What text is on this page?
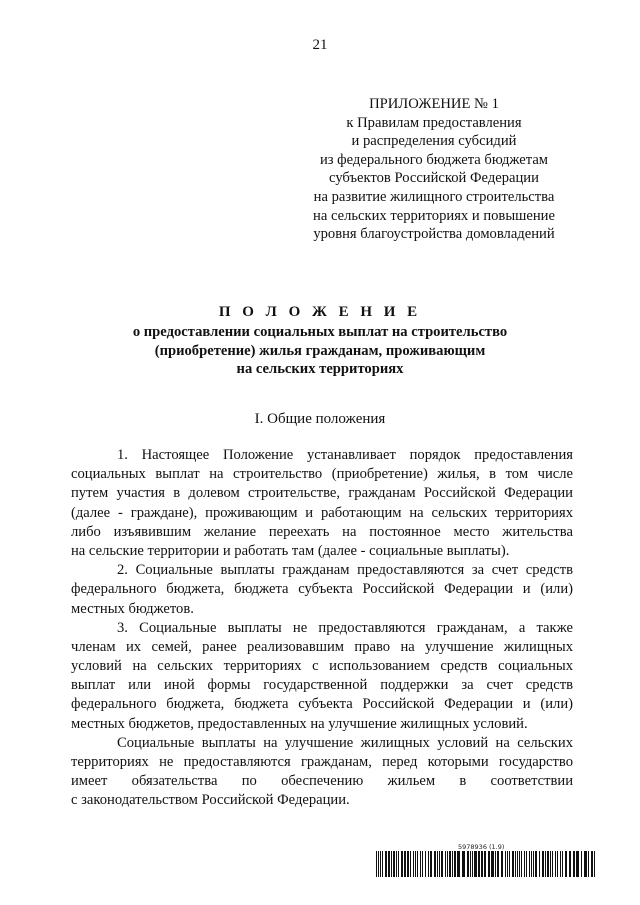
21
ПРИЛОЖЕНИЕ № 1
к Правилам предоставления
и распределения субсидий
из федерального бюджета бюджетам
субъектов Российской Федерации
на развитие жилищного строительства
на сельских территориях и повышение
уровня благоустройства домовладений
П О Л О Ж Е Н И Е
о предоставлении социальных выплат на строительство
(приобретение) жилья гражданам, проживающим
на сельских территориях
I. Общие положения
1. Настоящее Положение устанавливает порядок предоставления
социальных выплат на строительство (приобретение) жилья, в том числе
путем участия в долевом строительстве, гражданам Российской Федерации
(далее - граждане), проживающим и работающим на сельских территориях
либо изъявившим желание переехать на постоянное место жительства
на сельские территории и работать там (далее - социальные выплаты).
2. Социальные выплаты гражданам предоставляются за счет средств
федерального бюджета, бюджета субъекта Российской Федерации и (или)
местных бюджетов.
3. Социальные выплаты не предоставляются гражданам, а также
членам их семей, ранее реализовавшим право на улучшение жилищных
условий на сельских территориях с использованием средств социальных
выплат или иной формы государственной поддержки за счет средств
федерального бюджета, бюджета субъекта Российской Федерации и (или)
местных бюджетов, предоставленных на улучшение жилищных условий.
Социальные выплаты на улучшение жилищных условий на сельских
территориях не предоставляются гражданам, перед которыми государство
имеет обязательства по обеспечению жильем в соответствии
с законодательством Российской Федерации.
5978936 (1.9)
